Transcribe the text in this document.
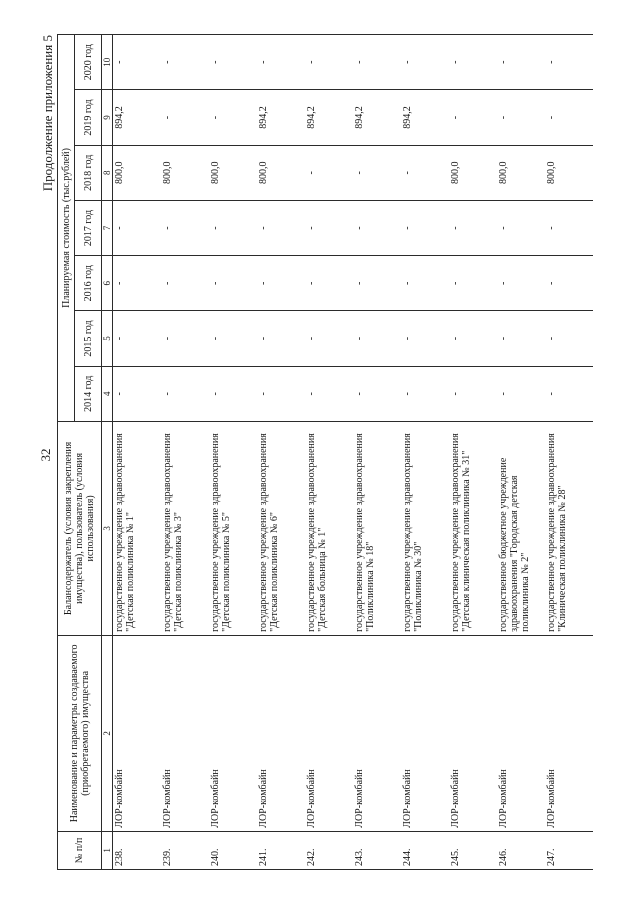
32
Продолжение приложения 5
№ п/п	Наименование и параметры создаваемого (приобретаемого) имущества	Балансодержатель (условия закрепления имущества), пользователь (условия использования)	Планируемая стоимость (тыс.рублей)						
			2014 год	2015 год	2016 год	2017 год	2018 год	2019 год	2020 год
1	2	3	4	5	6	7	8	9	10
238.	ЛОР-комбайн	государственное учреждение здравоохранения "Детская поликлиника № 1"	-	-	-	-	800,0	894,2	-
239.	ЛОР-комбайн	государственное учреждение здравоохранения "Детская поликлиника № 3"	-	-	-	-	800,0	-	-
240.	ЛОР-комбайн	государственное учреждение здравоохранения "Детская поликлиника № 5"	-	-	-	-	800,0	-	-
241.	ЛОР-комбайн	государственное учреждение здравоохранения "Детская поликлиника № 6"	-	-	-	-	800,0	894,2	-
242.	ЛОР-комбайн	государственное учреждение здравоохранения "Детская больница № 1"	-	-	-	-	-	894,2	-
243.	ЛОР-комбайн	государственное учреждение здравоохранения "Поликлиника № 18"	-	-	-	-	-	894,2	-
244.	ЛОР-комбайн	государственное учреждение здравоохранения "Поликлиника № 30"	-	-	-	-	-	894,2	-
245.	ЛОР-комбайн	государственное учреждение здравоохранения "Детская клиническая поликлиника № 31"	-	-	-	-	800,0	-	-
246.	ЛОР-комбайн	государственное бюджетное учреждение здравоохранения "Городская детская поликлиника № 2"	-	-	-	-	800,0	-	-
247.	ЛОР-комбайн	государственное учреждение здравоохранения "Клиническая поликлиника № 28"	-	-	-	-	800,0	-	-
